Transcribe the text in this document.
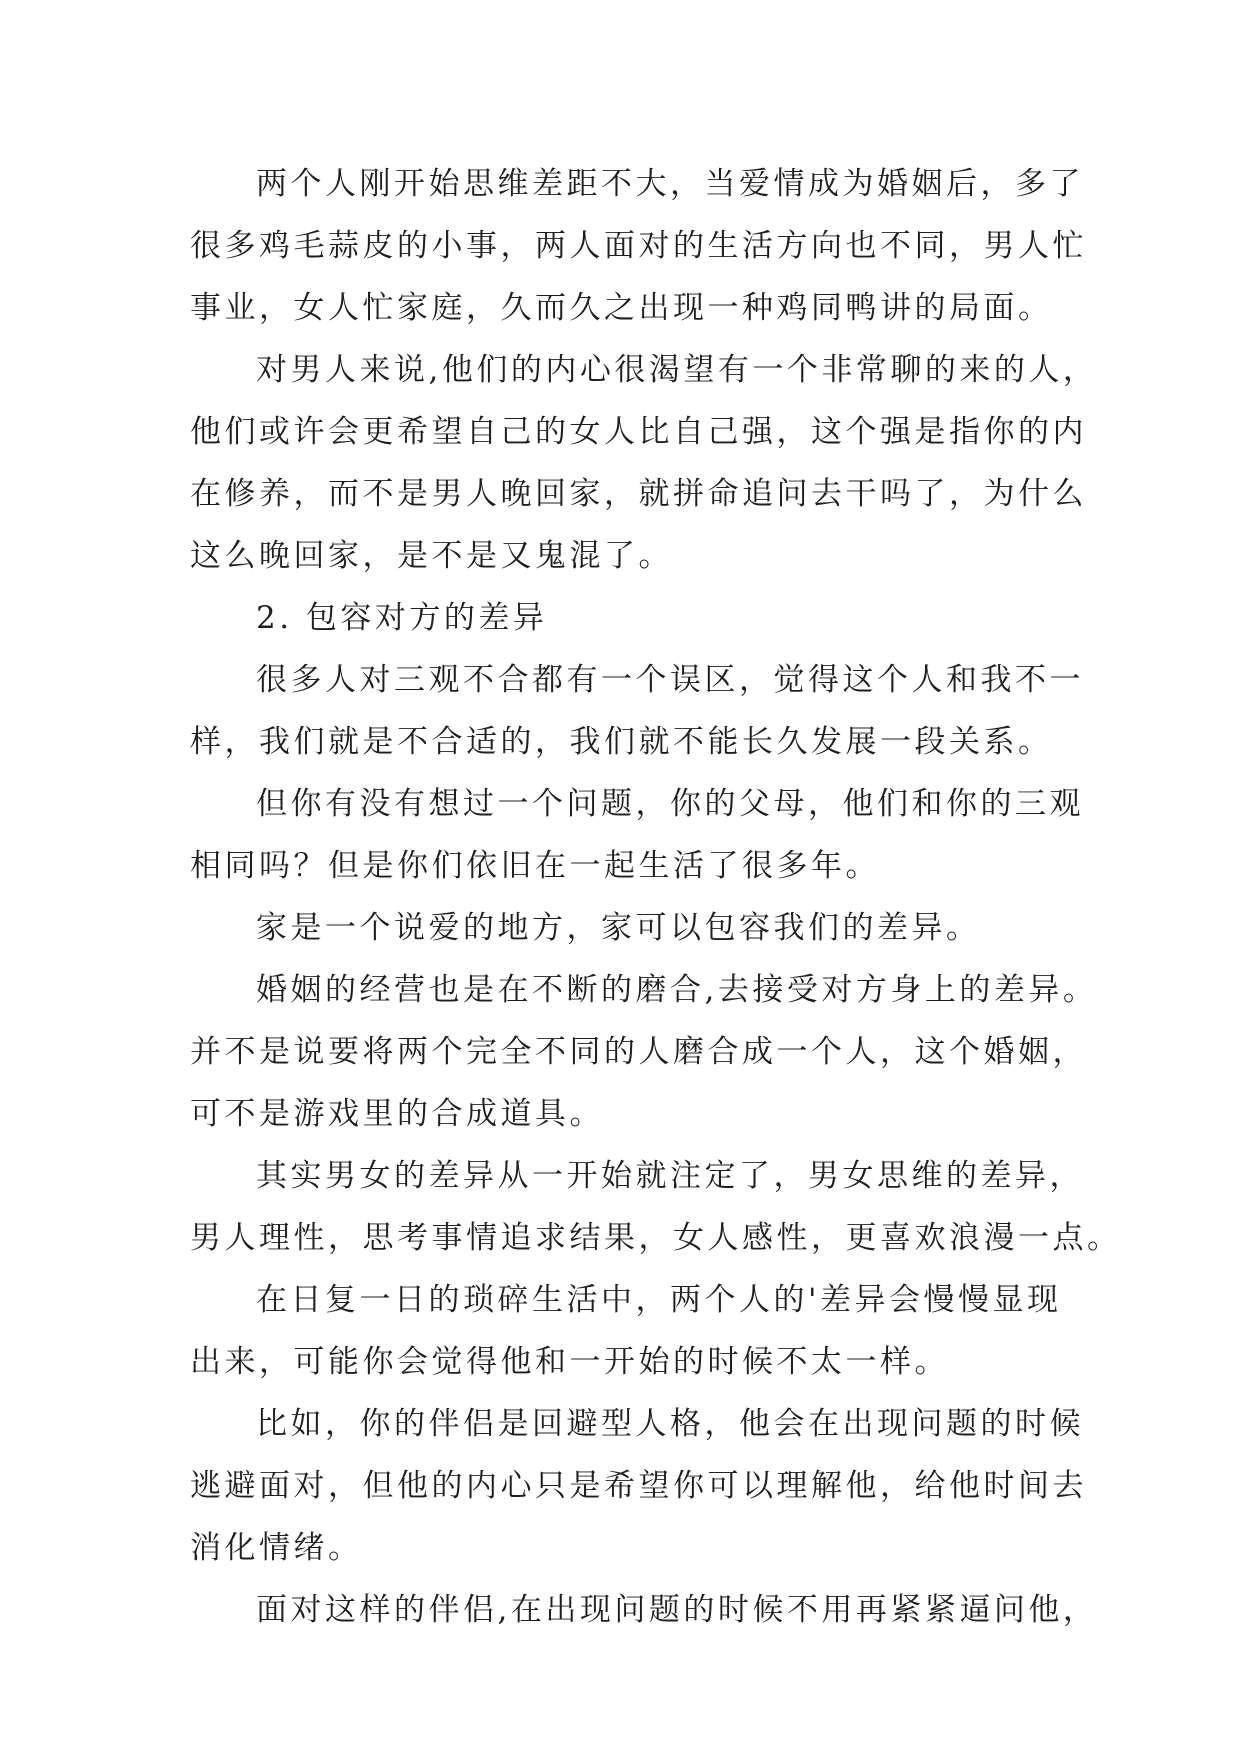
两个人刚开始思维差距不大，当爱情成为婚姻后，多了
很多鸡毛蒜皮的小事，两人面对的生活方向也不同，男人忙
事业，女人忙家庭，久而久之出现一种鸡同鸭讲的局面。
对男人来说,他们的内心很渴望有一个非常聊的来的人，
他们或许会更希望自己的女人比自己强，这个强是指你的内
在修养，而不是男人晚回家，就拼命追问去干吗了，为什么
这么晚回家，是不是又鬼混了。
2. 包容对方的差异
很多人对三观不合都有一个误区，觉得这个人和我不一
样，我们就是不合适的，我们就不能长久发展一段关系。
但你有没有想过一个问题，你的父母，他们和你的三观
相同吗？但是你们依旧在一起生活了很多年。
家是一个说爱的地方，家可以包容我们的差异。
婚姻的经营也是在不断的磨合,去接受对方身上的差异。
并不是说要将两个完全不同的人磨合成一个人，这个婚姻，
可不是游戏里的合成道具。
其实男女的差异从一开始就注定了，男女思维的差异，
男人理性，思考事情追求结果，女人感性，更喜欢浪漫一点。
在日复一日的琐碎生活中，两个人的'差异会慢慢显现
出来，可能你会觉得他和一开始的时候不太一样。
比如，你的伴侣是回避型人格，他会在出现问题的时候
逃避面对，但他的内心只是希望你可以理解他，给他时间去
消化情绪。
面对这样的伴侣,在出现问题的时候不用再紧紧逼问他，
